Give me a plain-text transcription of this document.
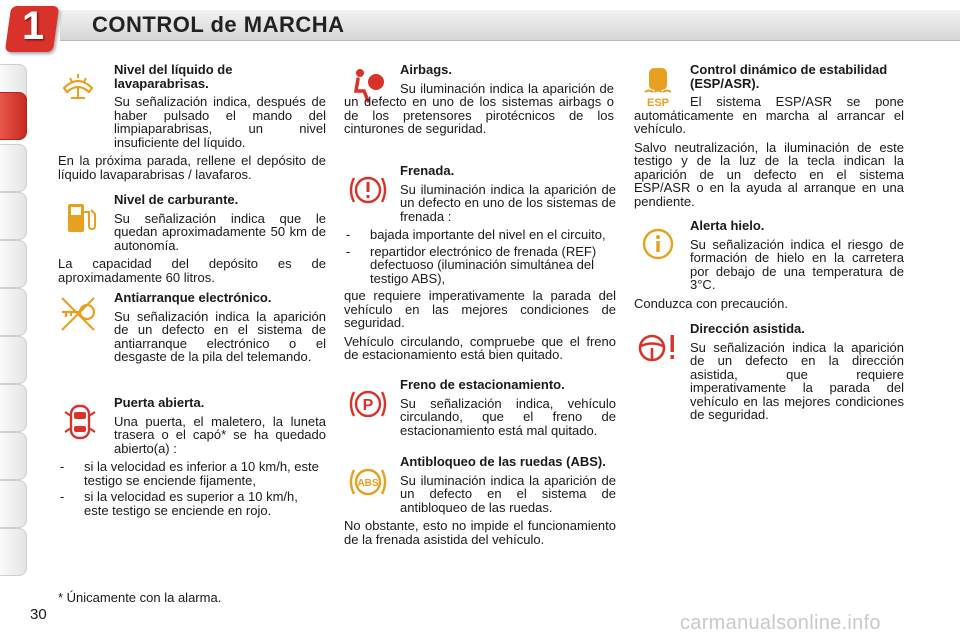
1 CONTROL de MARCHA
Nivel del líquido de lavaparabrisas.

Su señalización indica, después de haber pulsado el mando del limpiaparabrisas, un nivel insuficiente del líquido.

En la próxima parada, rellene el depósito de líquido lavaparabrisas / lavafaros.

Nivel de carburante.

Su señalización indica que le quedan aproximadamente 50 km de autonomía.

La capacidad del depósito es de aproximadamente 60 litros.

Antiarranque electrónico.

Su señalización indica la aparición de un defecto en el sistema de antiarranque electrónico o el desgaste de la pila del telemando.

Puerta abierta.

Una puerta, el maletero, la luneta trasera o el capó* se ha quedado abierto(a) :

- si la velocidad es inferior a 10 km/h, este testigo se enciende fijamente,
- si la velocidad es superior a 10 km/h, este testigo se enciende en rojo.
Airbags.

Su iluminación indica la aparición de un defecto en uno de los sistemas airbags o de los pretensores pirotécnicos de los cinturones de seguridad.

Frenada.

Su iluminación indica la aparición de un defecto en uno de los sistemas de frenada :

- bajada importante del nivel en el circuito,
- repartidor electrónico de frenada (REF) defectuoso (iluminación simultánea del testigo ABS),

que requiere imperativamente la parada del vehículo en las mejores condiciones de seguridad.

Vehículo circulando, compruebe que el freno de estacionamiento está bien quitado.

P
Freno de estacionamiento.

Su señalización indica, vehículo circulando, que el freno de estacionamiento está mal quitado.

ABS
Antibloqueo de las ruedas (ABS).

Su iluminación indica la aparición de un defecto en el sistema de antibloqueo de las ruedas.

No obstante, esto no impide el funcionamiento de la frenada asistida del vehículo.

ESP
Control dinámico de estabilidad (ESP/ASR).

El sistema ESP/ASR se pone automáticamente en marcha al arrancar el vehículo.

Salvo neutralización, la iluminación de este testigo y de la luz de la tecla indican la aparición de un defecto en el sistema ESP/ASR o en la ayuda al arranque en una pendiente.

Alerta hielo.

Su señalización indica el riesgo de formación de hielo en la carretera por debajo de una temperatura de 3°C.

Conduzca con precaución.

Dirección asistida.

Su señalización indica la aparición de un defecto en la dirección asistida, que requiere imperativamente la parada del vehículo en las mejores condiciones de seguridad.

* Únicamente con la alarma.
30	carmanualsonline.info
